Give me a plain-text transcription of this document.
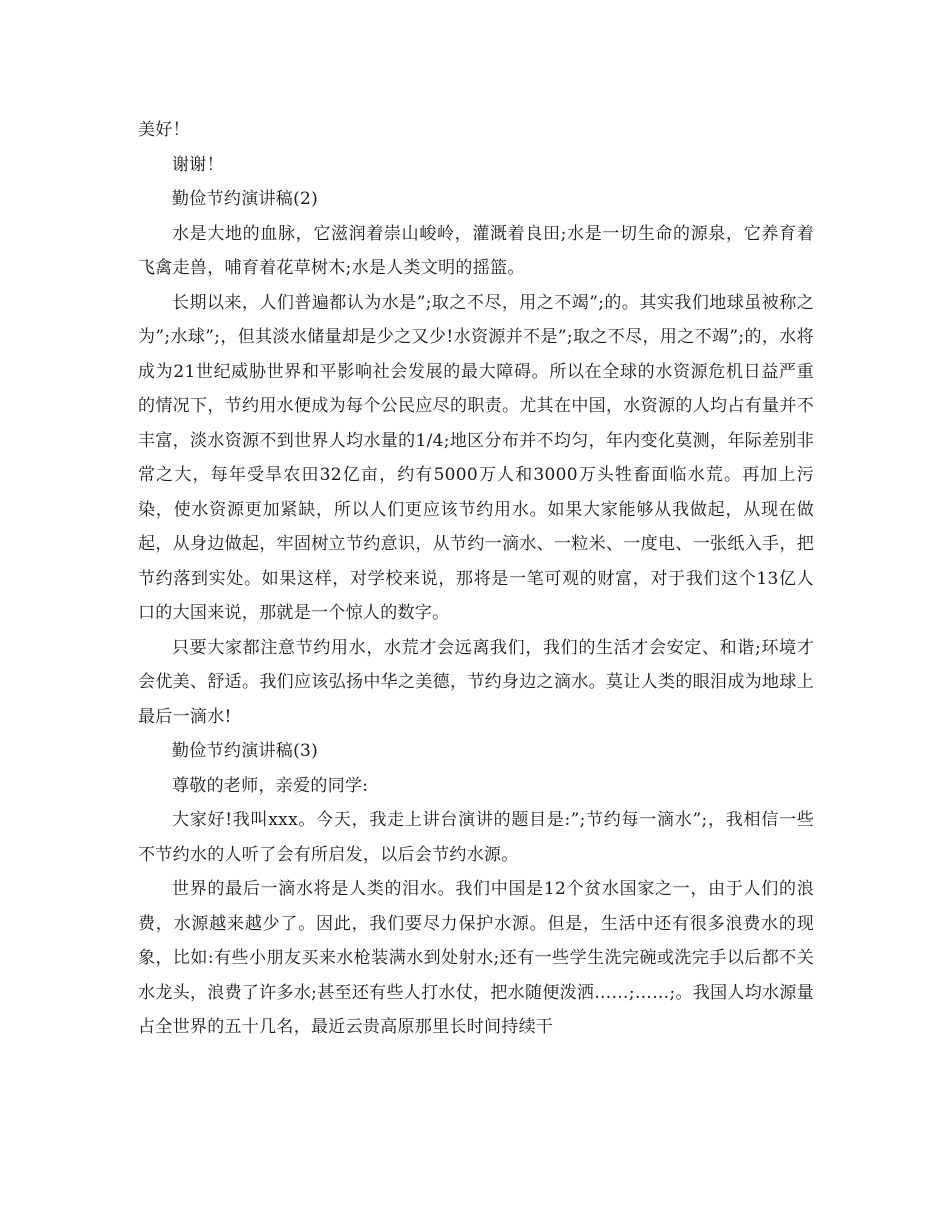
美好！

谢谢！

勤俭节约演讲稿(2)

水是大地的血脉，它滋润着崇山峻岭，灌溉着良田;水是一切生命的源泉，它养育着飞禽走兽，哺育着花草树木;水是人类文明的摇篮。

长期以来，人们普遍都认为水是”;取之不尽，用之不竭”;的。其实我们地球虽被称之为”;水球”;，但其淡水储量却是少之又少!水资源并不是”;取之不尽，用之不竭”;的，水将成为21世纪威胁世界和平影响社会发展的最大障碍。所以在全球的水资源危机日益严重的情况下，节约用水便成为每个公民应尽的职责。尤其在中国，水资源的人均占有量并不丰富，淡水资源不到世界人均水量的1/4;地区分布并不均匀，年内变化莫测，年际差别非常之大，每年受旱农田32亿亩，约有5000万人和3000万头牲畜面临水荒。再加上污染，使水资源更加紧缺，所以人们更应该节约用水。如果大家能够从我做起，从现在做起，从身边做起，牢固树立节约意识，从节约一滴水、一粒米、一度电、一张纸入手，把节约落到实处。如果这样，对学校来说，那将是一笔可观的财富，对于我们这个13亿人口的大国来说，那就是一个惊人的数字。

只要大家都注意节约用水，水荒才会远离我们，我们的生活才会安定、和谐;环境才会优美、舒适。我们应该弘扬中华之美德，节约身边之滴水。莫让人类的眼泪成为地球上最后一滴水!

勤俭节约演讲稿(3)

尊敬的老师，亲爱的同学:

大家好!我叫xxx。今天，我走上讲台演讲的题目是:”;节约每一滴水”;，我相信一些不节约水的人听了会有所启发，以后会节约水源。

世界的最后一滴水将是人类的泪水。我们中国是12个贫水国家之一，由于人们的浪费，水源越来越少了。因此，我们要尽力保护水源。但是，生活中还有很多浪费水的现象，比如:有些小朋友买来水枪装满水到处射水;还有一些学生洗完碗或洗完手以后都不关水龙头，浪费了许多水;甚至还有些人打水仗，把水随便泼洒……;……;。我国人均水源量占全世界的五十几名，最近云贵高原那里长时间持续干
